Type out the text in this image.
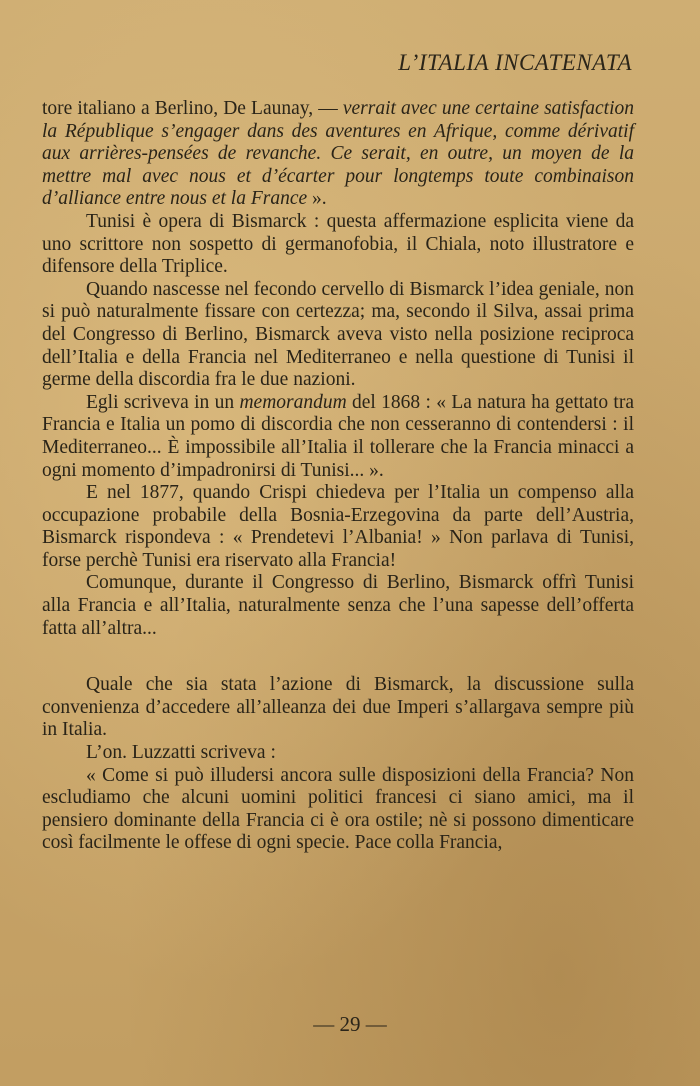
L’ITALIA INCATENATA

tore italiano a Berlino, De Launay, — verrait avec une certaine satisfaction la République s’engager dans des aventures en Afrique, comme dérivatif aux arrières-pensées de revanche. Ce serait, en outre, un moyen de la mettre mal avec nous et d’écarter pour longtemps toute combinaison d’alliance entre nous et la France ».

Tunisi è opera di Bismarck : questa affermazione esplicita viene da uno scrittore non sospetto di germanofobia, il Chiala, noto illustratore e difensore della Triplice.

Quando nascesse nel fecondo cervello di Bismarck l’idea geniale, non si può naturalmente fissare con certezza; ma, secondo il Silva, assai prima del Congresso di Berlino, Bismarck aveva visto nella posizione reciproca dell’Italia e della Francia nel Mediterraneo e nella questione di Tunisi il germe della discordia fra le due nazioni.

Egli scriveva in un memorandum del 1868 : « La natura ha gettato tra Francia e Italia un pomo di discordia che non cesseranno di contendersi : il Mediterraneo... È impossibile all’Italia il tollerare che la Francia minacci a ogni momento d’impadronirsi di Tunisi... ».

E nel 1877, quando Crispi chiedeva per l’Italia un compenso alla occupazione probabile della Bosnia-Erzegovina da parte dell’Austria, Bismarck rispondeva : « Prendetevi l’Albania! » Non parlava di Tunisi, forse perchè Tunisi era riservato alla Francia!

Comunque, durante il Congresso di Berlino, Bismarck offrì Tunisi alla Francia e all’Italia, naturalmente senza che l’una sapesse dell’offerta fatta all’altra...

Quale che sia stata l’azione di Bismarck, la discussione sulla convenienza d’accedere all’alleanza dei due Imperi s’allargava sempre più in Italia.

L’on. Luzzatti scriveva :

« Come si può illudersi ancora sulle disposizioni della Francia? Non escludiamo che alcuni uomini politici francesi ci siano amici, ma il pensiero dominante della Francia ci è ora ostile; nè si possono dimenticare così facilmente le offese di ogni specie. Pace colla Francia,

— 29 —
